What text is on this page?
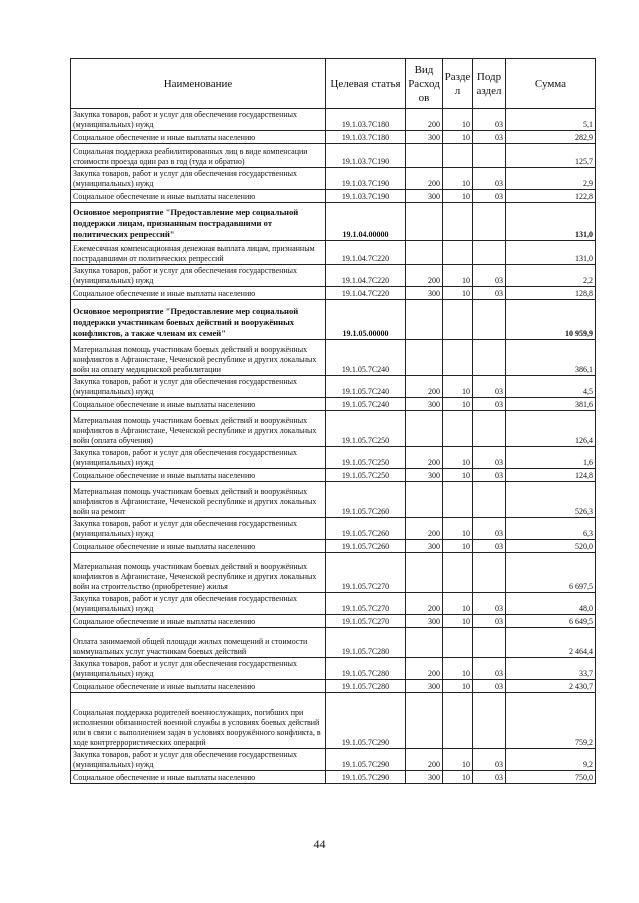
Наименование	Целевая статья	Вид Расход ов	Разде л	Подр аздел	Сумма
Закупка товаров, работ и услуг для обеспечения государственных (муниципальных) нужд	19.1.03.7С180	200	10	03	5,1
Социальное обеспечение и иные выплаты населению	19.1.03.7С180	300	10	03	282,9
Социальная поддержка реабилитированных лиц в виде компенсации стоимости проезда один раз в год (туда и обратно)	19.1.03.7С190				125,7
Закупка товаров, работ и услуг для обеспечения государственных (муниципальных) нужд	19.1.03.7С190	200	10	03	2,9
Социальное обеспечение и иные выплаты населению	19.1.03.7С190	300	10	03	122,8
Основное мероприятие "Предоставление мер социальной поддержки лицам, признанным пострадавшими от политических репрессий"	19.1.04.00000				131,0
Ежемесячная компенсационная денежная выплата лицам, признанным пострадавшими от политических репрессий	19.1.04.7С220				131,0
Закупка товаров, работ и услуг для обеспечения государственных (муниципальных) нужд	19.1.04.7С220	200	10	03	2,2
Социальное обеспечение и иные выплаты населению	19.1.04.7С220	300	10	03	128,8
Основное мероприятие "Предоставление мер социальной поддержки участникам боевых действий и вооружённых конфликтов, а также членам их семей"	19.1.05.00000				10 959,9
Материальная помощь участникам боевых действий и вооружённых конфликтов в Афганистане, Чеченской республике и других локальных войн на оплату медицинской реабилитации	19.1.05.7С240				386,1
Закупка товаров, работ и услуг для обеспечения государственных (муниципальных) нужд	19.1.05.7С240	200	10	03	4,5
Социальное обеспечение и иные выплаты населению	19.1.05.7С240	300	10	03	381,6
Материальная помощь участникам боевых действий и вооружённых конфликтов в Афганистане, Чеченской республике и других локальных войн (оплата обучения)	19.1.05.7С250				126,4
Закупка товаров, работ и услуг для обеспечения государственных (муниципальных) нужд	19.1.05.7С250	200	10	03	1,6
Социальное обеспечение и иные выплаты населению	19.1.05.7С250	300	10	03	124,8
Материальная помощь участникам боевых действий и вооружённых конфликтов в Афганистане, Чеченской республике и других локальных войн на ремонт	19.1.05.7С260				526,3
Закупка товаров, работ и услуг для обеспечения государственных (муниципальных) нужд	19.1.05.7С260	200	10	03	6,3
Социальное обеспечение и иные выплаты населению	19.1.05.7С260	300	10	03	520,0
Материальная помощь участникам боевых действий и вооружённых конфликтов в Афганистане, Чеченской республике и других локальных войн на строительство (приобретение) жилья	19.1.05.7С270				6 697,5
Закупка товаров, работ и услуг для обеспечения государственных (муниципальных) нужд	19.1.05.7С270	200	10	03	48,0
Социальное обеспечение и иные выплаты населению	19.1.05.7С270	300	10	03	6 649,5
Оплата занимаемой общей площади жилых помещений и стоимости коммунальных услуг участникам боевых действий	19.1.05.7С280				2 464,4
Закупка товаров, работ и услуг для обеспечения государственных (муниципальных) нужд	19.1.05.7С280	200	10	03	33,7
Социальное обеспечение и иные выплаты населению	19.1.05.7С280	300	10	03	2 430,7
Социальная поддержка родителей военнослужащих, погибших при исполнении обязанностей военной службы в условиях боевых действий или в связи с выполнением задач в условиях вооружённого конфликта, в ходе контртеррористических операций	19.1.05.7С290				759,2
Закупка товаров, работ и услуг для обеспечения государственных (муниципальных) нужд	19.1.05.7С290	200	10	03	9,2
Социальное обеспечение и иные выплаты населению	19.1.05.7С290	300	10	03	750,0
44
